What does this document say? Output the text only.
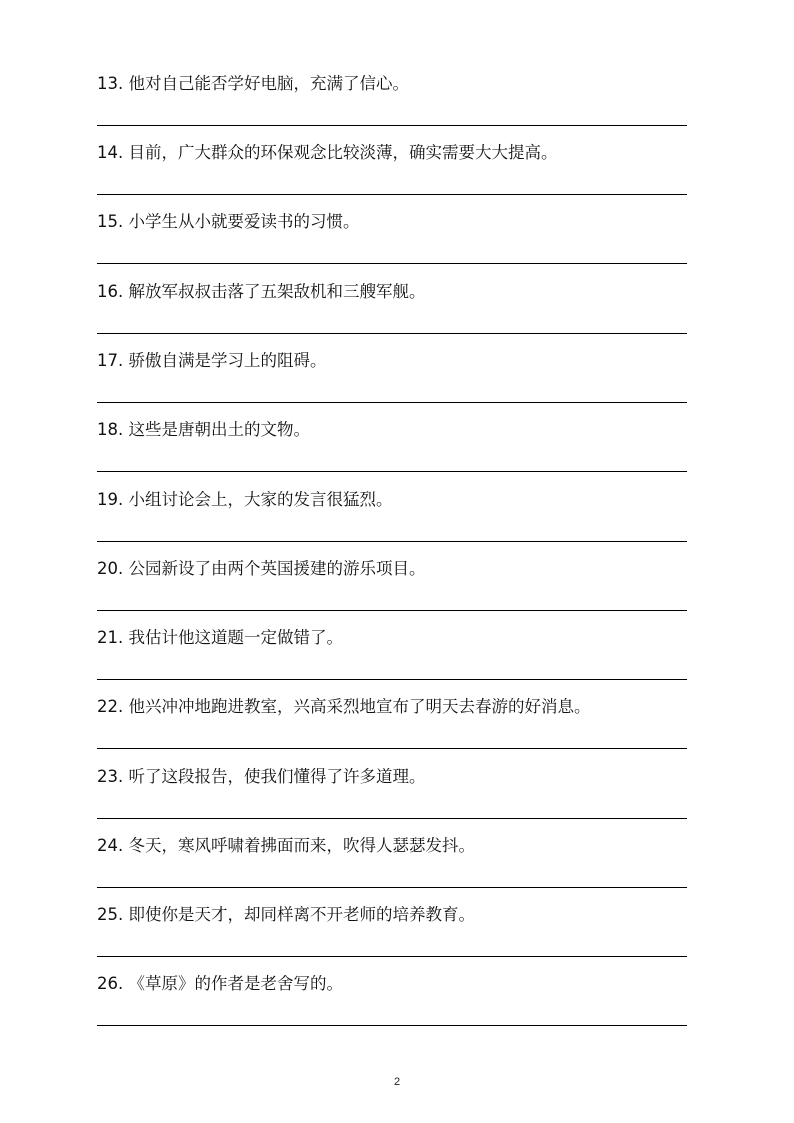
13. 他对自己能否学好电脑，充满了信心。
14. 目前，广大群众的环保观念比较淡薄，确实需要大大提高。
15. 小学生从小就要爱读书的习惯。
16. 解放军叔叔击落了五架敌机和三艘军舰。
17. 骄傲自满是学习上的阻碍。
18. 这些是唐朝出土的文物。
19. 小组讨论会上，大家的发言很猛烈。
20. 公园新设了由两个英国援建的游乐项目。
21. 我估计他这道题一定做错了。
22. 他兴冲冲地跑进教室，兴高采烈地宣布了明天去春游的好消息。
23. 听了这段报告，使我们懂得了许多道理。
24. 冬天，寒风呼啸着拂面而来，吹得人瑟瑟发抖。
25. 即使你是天才，却同样离不开老师的培养教育。
26. 《草原》的作者是老舍写的。
2
